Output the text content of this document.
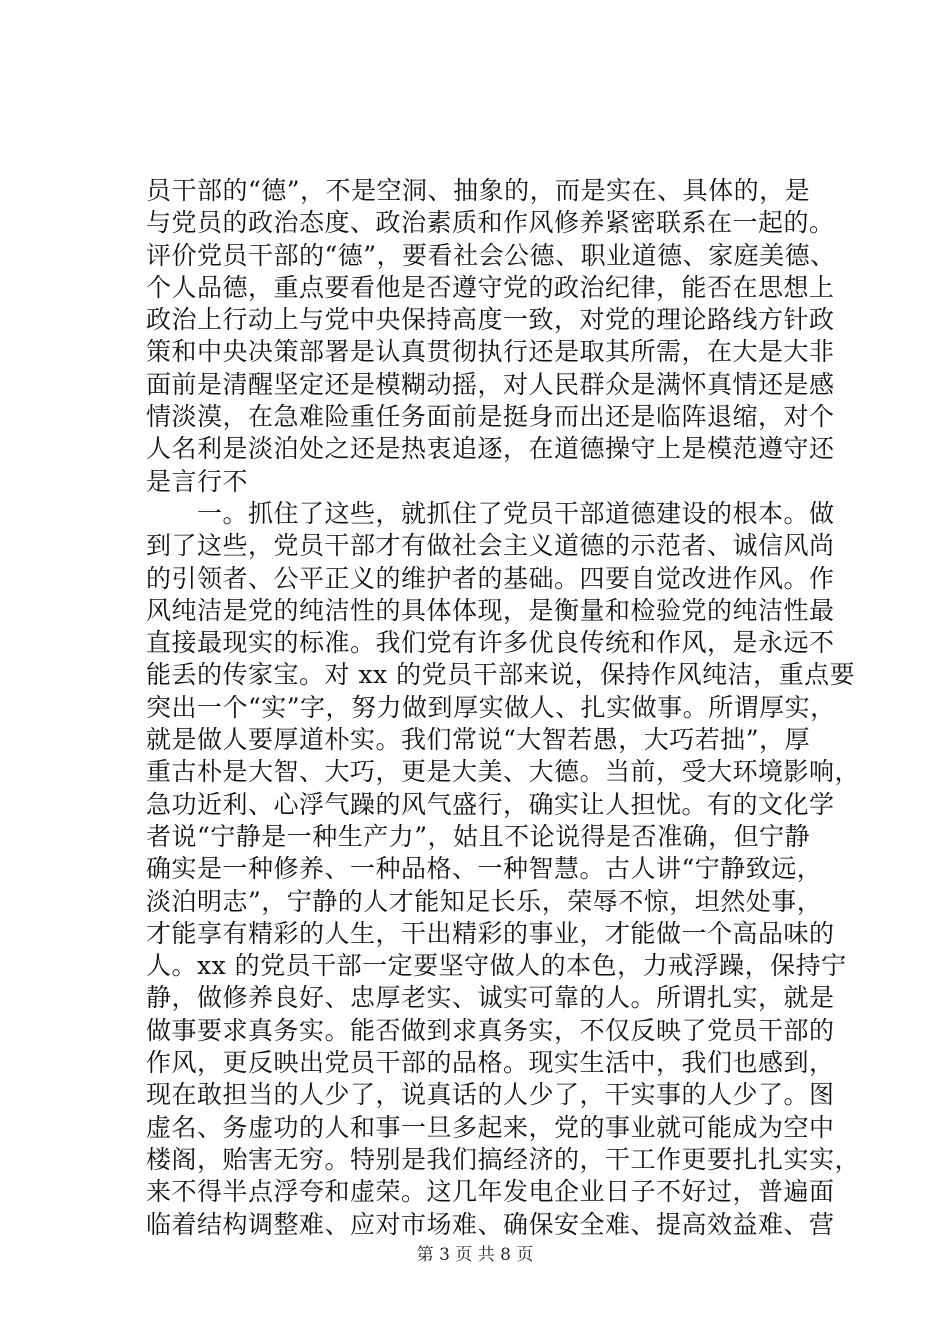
员干部的“德”，不是空洞、抽象的，而是实在、具体的，是
与党员的政治态度、政治素质和作风修养紧密联系在一起的。
评价党员干部的“德”，要看社会公德、职业道德、家庭美德、
个人品德，重点要看他是否遵守党的政治纪律，能否在思想上
政治上行动上与党中央保持高度一致，对党的理论路线方针政
策和中央决策部署是认真贯彻执行还是取其所需，在大是大非
面前是清醒坚定还是模糊动摇，对人民群众是满怀真情还是感
情淡漠，在急难险重任务面前是挺身而出还是临阵退缩，对个
人名利是淡泊处之还是热衷追逐，在道德操守上是模范遵守还
是言行不
　　一。抓住了这些，就抓住了党员干部道德建设的根本。做
到了这些，党员干部才有做社会主义道德的示范者、诚信风尚
的引领者、公平正义的维护者的基础。四要自觉改进作风。作
风纯洁是党的纯洁性的具体体现，是衡量和检验党的纯洁性最
直接最现实的标准。我们党有许多优良传统和作风，是永远不
能丢的传家宝。对 xx 的党员干部来说，保持作风纯洁，重点要
突出一个“实”字，努力做到厚实做人、扎实做事。所谓厚实，
就是做人要厚道朴实。我们常说“大智若愚，大巧若拙”，厚
重古朴是大智、大巧，更是大美、大德。当前，受大环境影响，
急功近利、心浮气躁的风气盛行，确实让人担忧。有的文化学
者说“宁静是一种生产力”，姑且不论说得是否准确，但宁静
确实是一种修养、一种品格、一种智慧。古人讲“宁静致远，
淡泊明志”，宁静的人才能知足长乐，荣辱不惊，坦然处事，
才能享有精彩的人生，干出精彩的事业，才能做一个高品味的
人。xx 的党员干部一定要坚守做人的本色，力戒浮躁，保持宁
静，做修养良好、忠厚老实、诚实可靠的人。所谓扎实，就是
做事要求真务实。能否做到求真务实，不仅反映了党员干部的
作风，更反映出党员干部的品格。现实生活中，我们也感到，
现在敢担当的人少了，说真话的人少了，干实事的人少了。图
虚名、务虚功的人和事一旦多起来，党的事业就可能成为空中
楼阁，贻害无穷。特别是我们搞经济的，干工作更要扎扎实实，
来不得半点浮夸和虚荣。这几年发电企业日子不好过，普遍面
临着结构调整难、应对市场难、确保安全难、提高效益难、营
第 3 页 共 8 页
